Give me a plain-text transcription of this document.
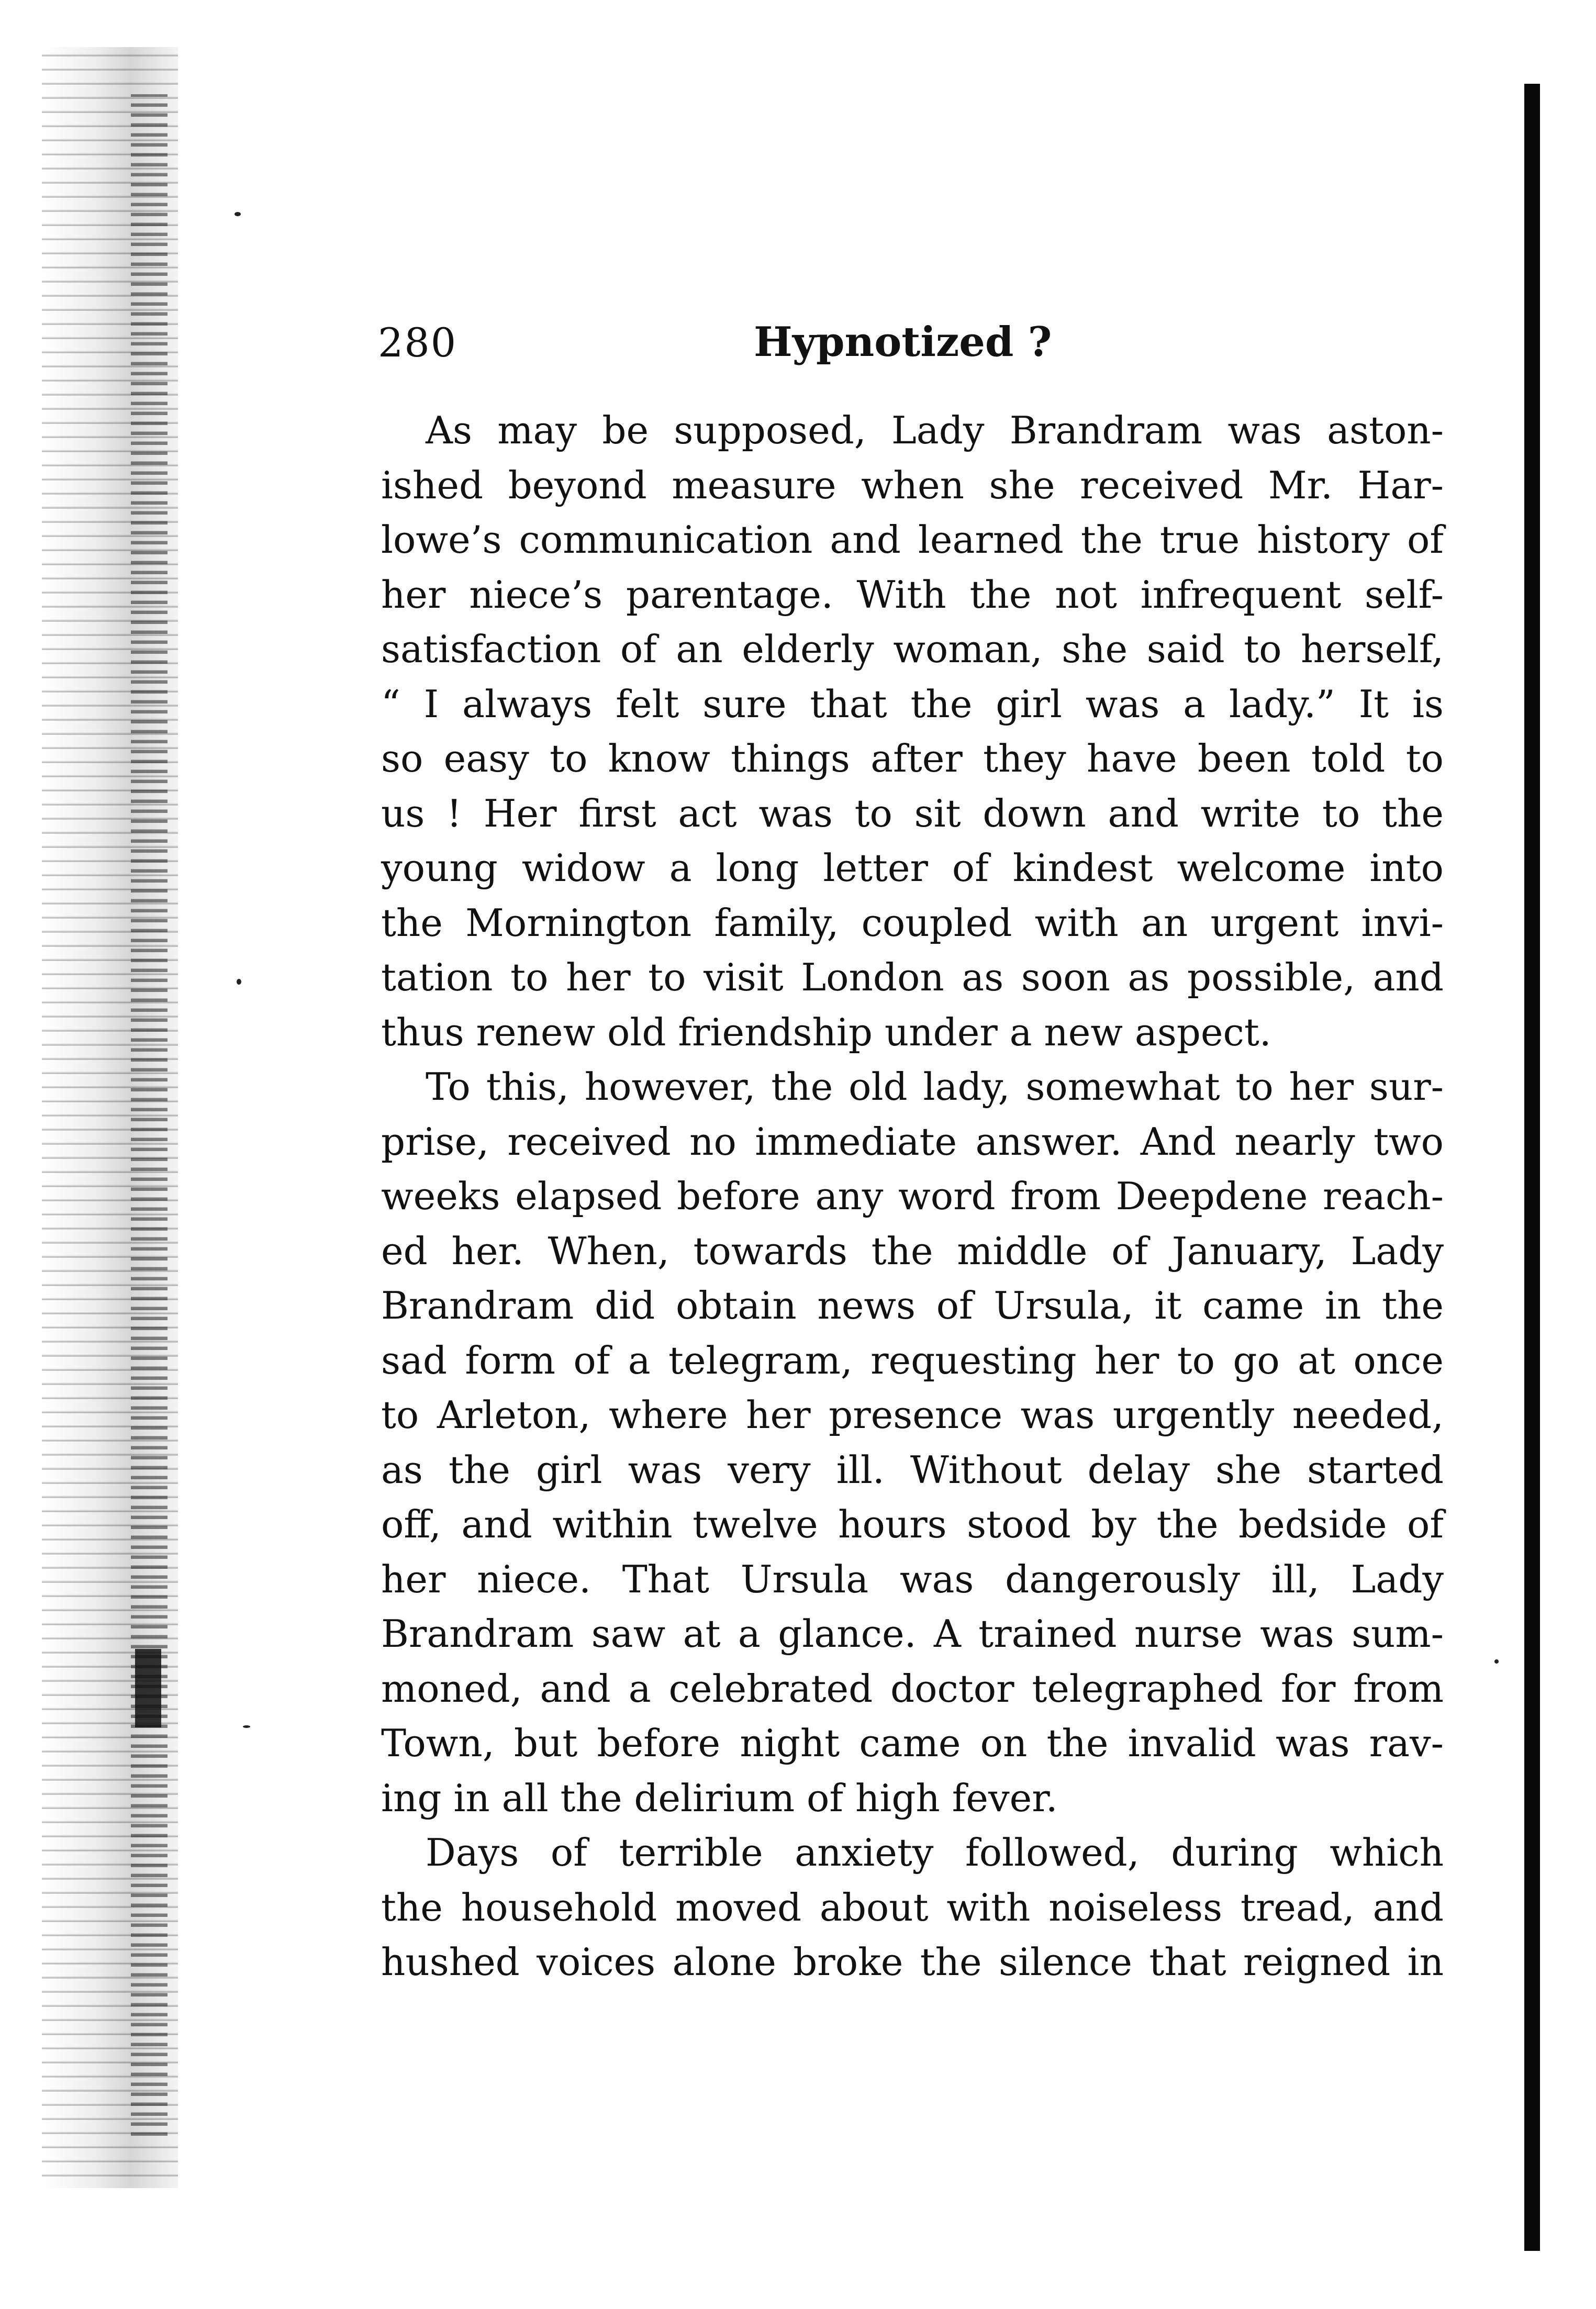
280	Hypnotized ?
As may be supposed, Lady Brandram was aston-
ished beyond measure when she received Mr. Har-
lowe’s communication and learned the true history of
her niece’s parentage. With the not infrequent self-
satisfaction of an elderly woman, she said to herself,
“ I always felt sure that the girl was a lady.” It is
so easy to know things after they have been told to
us ! Her first act was to sit down and write to the
young widow a long letter of kindest welcome into
the Mornington family, coupled with an urgent invi-
tation to her to visit London as soon as possible, and
thus renew old friendship under a new aspect.
To this, however, the old lady, somewhat to her sur-
prise, received no immediate answer. And nearly two
weeks elapsed before any word from Deepdene reach-
ed her. When, towards the middle of January, Lady
Brandram did obtain news of Ursula, it came in the
sad form of a telegram, requesting her to go at once
to Arleton, where her presence was urgently needed,
as the girl was very ill. Without delay she started
off, and within twelve hours stood by the bedside of
her niece. That Ursula was dangerously ill, Lady
Brandram saw at a glance. A trained nurse was sum-
moned, and a celebrated doctor telegraphed for from
Town, but before night came on the invalid was rav-
ing in all the delirium of high fever.
Days of terrible anxiety followed, during which
the household moved about with noiseless tread, and
hushed voices alone broke the silence that reigned in
